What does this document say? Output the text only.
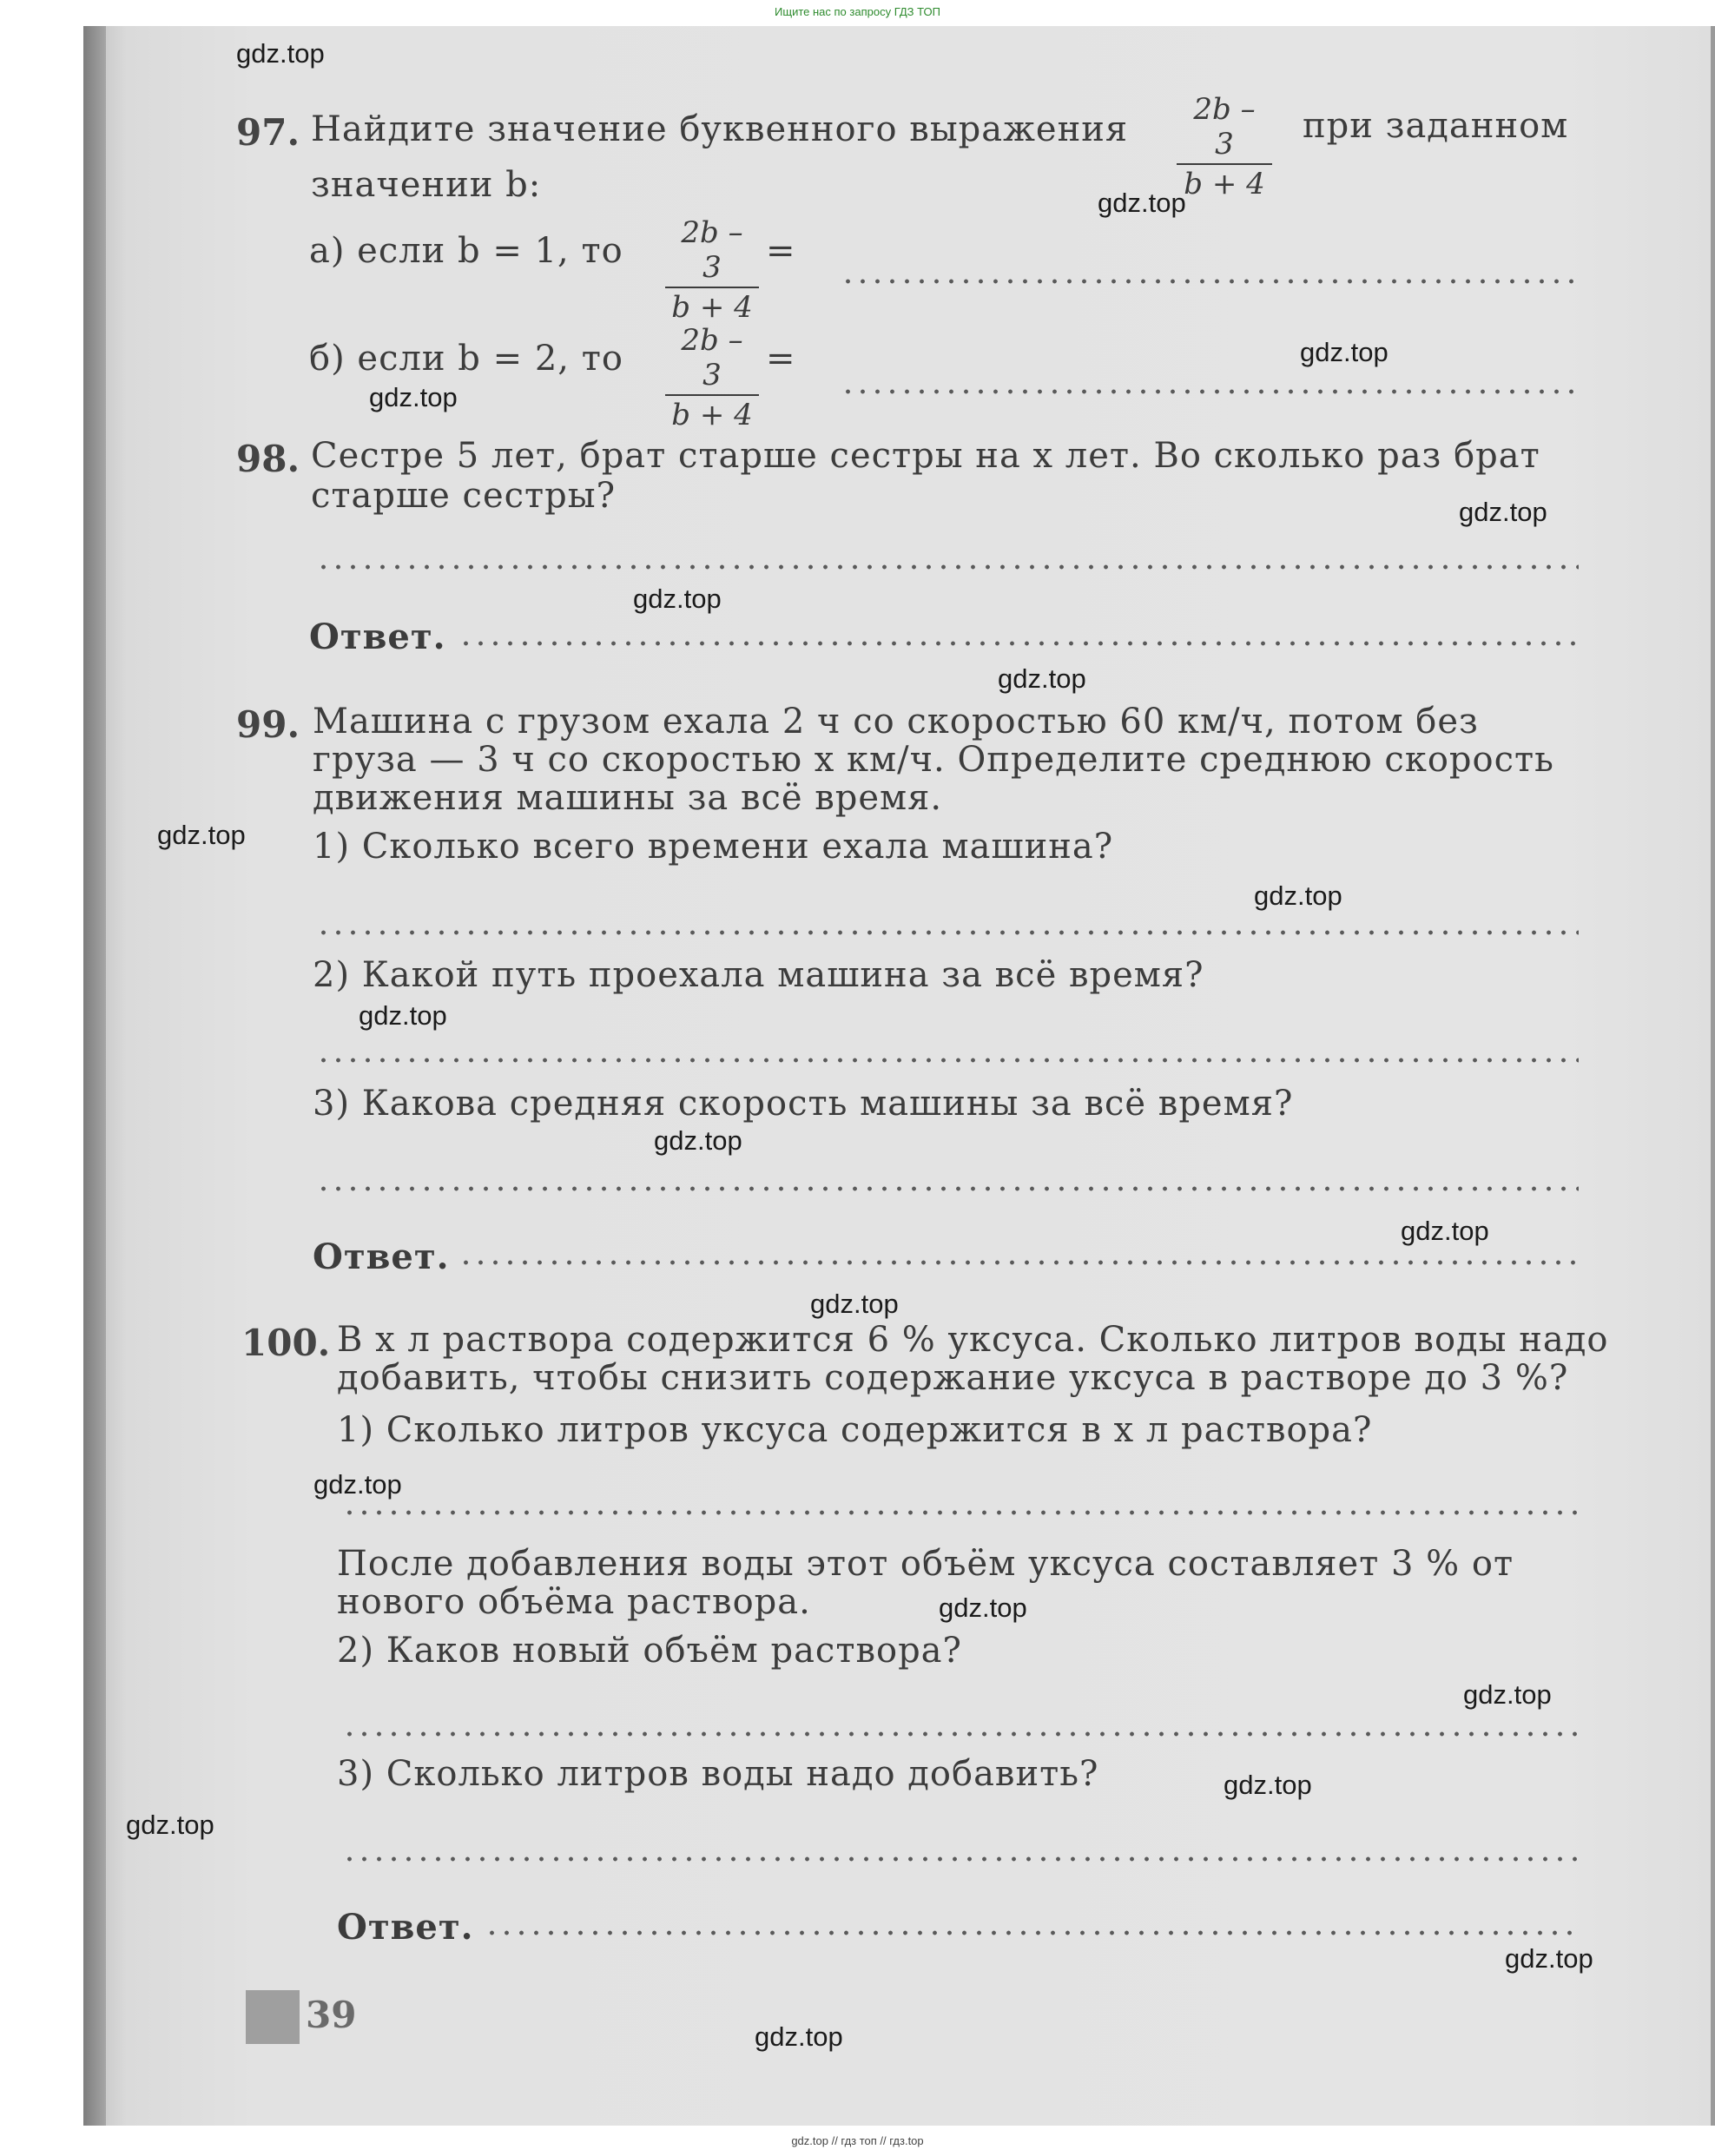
Ищите нас по запросу ГДЗ ТОП
97. Найдите значение буквенного выражения	2b – 3
b + 4
при заданном
значении b:
а) если b = 1, то	2b – 3
b + 4
=
б) если b = 2, то	2b – 3
b + 4
=
98. Сестре 5 лет, брат старше сестры на x лет. Во сколько раз брат
старше сестры?
Ответ.
99. Машина с грузом ехала 2 ч со скоростью 60 км/ч, потом без
груза — 3 ч со скоростью x км/ч. Определите среднюю скорость
движения машины за всё время.
1) Сколько всего времени ехала машина?
2) Какой путь проехала машина за всё время?
3) Какова средняя скорость машины за всё время?
Ответ.
100. В x л раствора содержится 6 % уксуса. Сколько литров воды надо
добавить, чтобы снизить содержание уксуса в растворе до 3 %?
1) Сколько литров уксуса содержится в x л раствора?
После добавления воды этот объём уксуса составляет 3 % от
нового объёма раствора.
2) Каков новый объём раствора?
3) Сколько литров воды надо добавить?
Ответ.
39
gdz.top
gdz.top
gdz.top
gdz.top
gdz.top
gdz.top
gdz.top
gdz.top
gdz.top
gdz.top
gdz.top
gdz.top
gdz.top
gdz.top
gdz.top
gdz.top
gdz.top
gdz.top
gdz.top
gdz.top
gdz.top // гдз топ // гдз.top
